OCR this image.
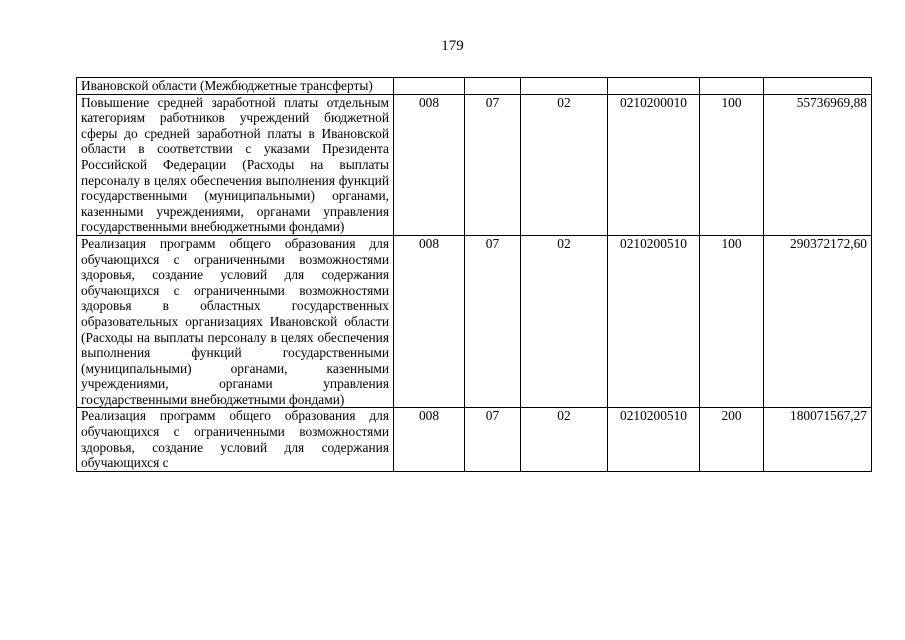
179
Ивановской области (Межбюджетные трансферты)						
Повышение средней заработной платы отдельным категориям работников учреждений бюджетной сферы до средней заработной платы в Ивановской области в соответствии с указами Президента Российской Федерации (Расходы на выплаты персоналу в целях обеспечения выполнения функций государственными (муниципальными) органами, казенными учреждениями, органами управления государственными внебюджетными фондами)	008	07	02	0210200010	100	55736969,88
Реализация программ общего образования для обучающихся с ограниченными возможностями здоровья, создание условий для содержания обучающихся с ограниченными возможностями здоровья в областных государственных образовательных организациях Ивановской области (Расходы на выплаты персоналу в целях обеспечения выполнения функций государственными (муниципальными) органами, казенными учреждениями, органами управления государственными внебюджетными фондами)	008	07	02	0210200510	100	290372172,60
Реализация программ общего образования для обучающихся с ограниченными возможностями здоровья, создание условий для содержания обучающихся с	008	07	02	0210200510	200	180071567,27
